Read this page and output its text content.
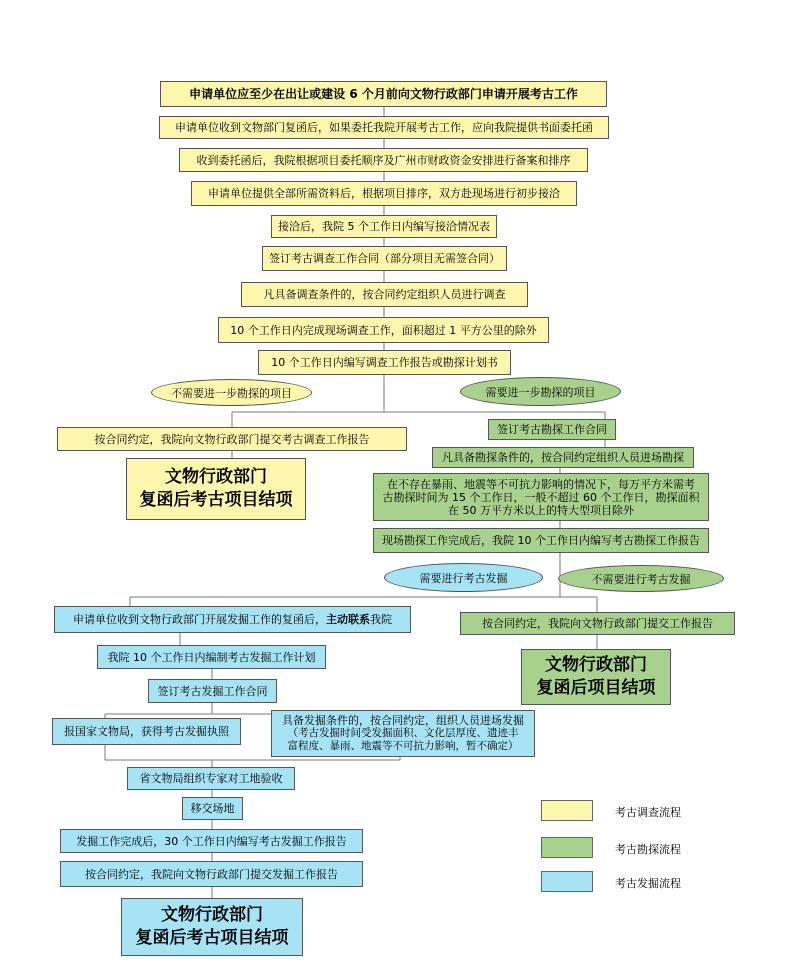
申请单位应至少在出让或建设 6 个月前向文物行政部门申请开展考古工作
申请单位收到文物部门复函后，如果委托我院开展考古工作，应向我院提供书面委托函
收到委托函后，我院根据项目委托顺序及广州市财政资金安排进行备案和排序
申请单位提供全部所需资料后，根据项目排序，双方赴现场进行初步接洽
接洽后，我院 5 个工作日内编写接洽情况表
签订考古调查工作合同（部分项目无需签合同）
凡具备调查条件的，按合同约定组织人员进行调查
10 个工作日内完成现场调查工作，面积超过 1 平方公里的除外
10 个工作日内编写调查工作报告或勘探计划书
不需要进一步勘探的项目	需要进一步勘探的项目
按合同约定，我院向文物行政部门提交考古调查工作报告
文物行政部门
复函后考古项目结项
签订考古勘探工作合同
凡具备勘探条件的，按合同约定组织人员进场勘探
在不存在暴雨、地震等不可抗力影响的情况下，每万平方米需考
古勘探时间为 15 个工作日，一般不超过 60 个工作日，勘探面积
在 50 万平方米以上的特大型项目除外
现场勘探工作完成后，我院 10 个工作日内编写考古勘探工作报告
需要进行考古发掘	不需要进行考古发掘
按合同约定，我院向文物行政部门提交工作报告
文物行政部门
复函后项目结项
申请单位收到文物行政部门开展发掘工作的复函后， 主动联系 我院
我院 10 个工作日内编制考古发掘工作计划
签订考古发掘工作合同
报国家文物局，获得考古发掘执照
具备发掘条件的，按合同约定，组织人员进场发掘
（考古发掘时间受发掘面积、文化层厚度、遗迹丰
富程度、暴雨、地震等不可抗力影响，暂不确定）
省文物局组织专家对工地验收
移交场地
发掘工作完成后，30 个工作日内编写考古发掘工作报告
按合同约定，我院向文物行政部门提交发掘工作报告
文物行政部门
复函后考古项目结项
考古调查流程
考古勘探流程
考古发掘流程
